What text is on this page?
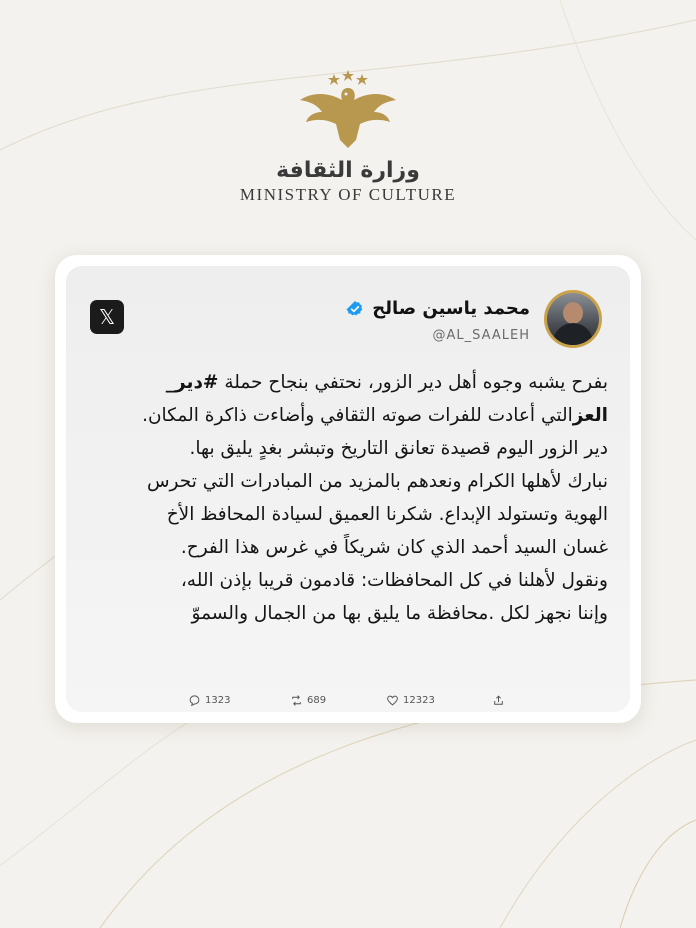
وزارة الثقافة
MINISTRY OF CULTURE
محمد ياسين صالح
@AL_SAALEH
𝕏
بفرح يشبه وجوه أهل دير الزور، نحتفي بنجاح حملة #دير_
العزالتي أعادت للفرات صوته الثقافي وأضاءت ذاكرة المكان.
دير الزور اليوم قصيدة تعانق التاريخ وتبشر بغدٍ يليق بها.
نبارك لأهلها الكرام ونعدهم بالمزيد من المبادرات التي تحرس
الهوية وتستولد الإبداع. شكرنا العميق لسيادة المحافظ الأخ
غسان السيد أحمد الذي كان شريكاً في غرس هذا الفرح.
ونقول لأهلنا في كل المحافظات: قادمون قريبا بإذن الله،
وإننا نجهز لكل .محافظة ما يليق بها من الجمال والسموّ
1323	689	12323
